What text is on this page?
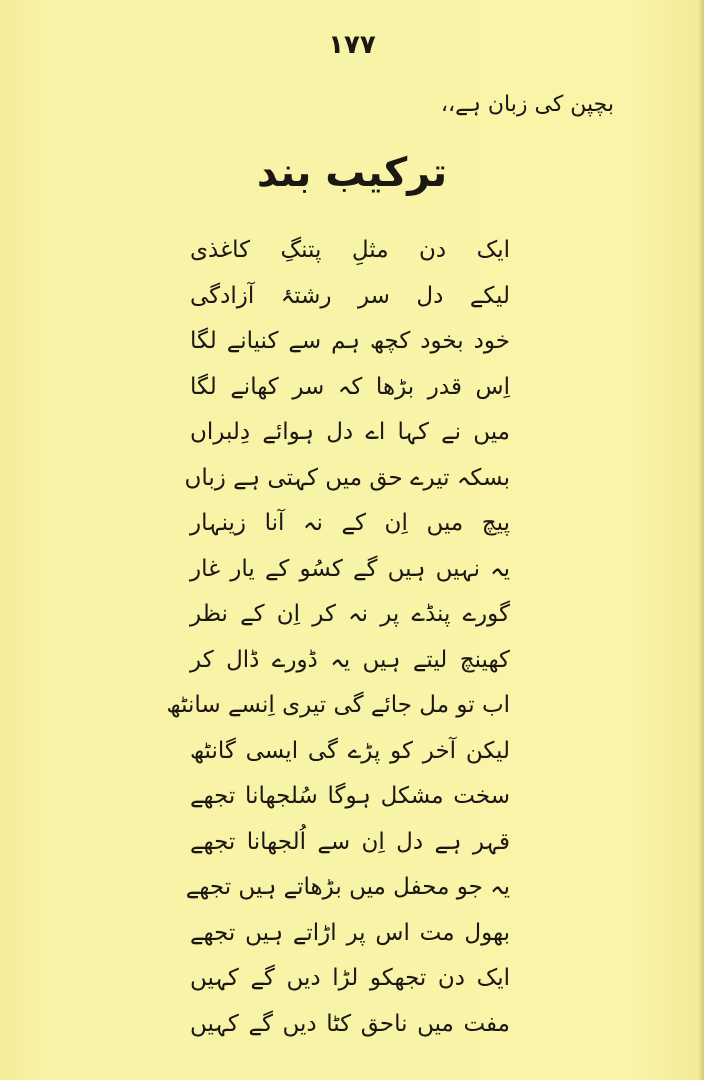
۱۷۷
بچپن کی زبان ہے،،
ترکیب بند
ایک دن مثلِ پتنگِ کاغذی
لیکے دل سر رشتۂ آزادگی
خود بخود کچھ ہم سے کنیانے لگا
اِس قدر بڑھا کہ سر کھانے لگا
میں نے کہا اے دل ہوائے دِلبراں
بسکہ تیرے حق میں کہتی ہے زباں
پیچ میں اِن کے نہ آنا زینہار
یہ نہیں ہیں گے کسُو کے یار غار
گورے پنڈے پر نہ کر اِن کے نظر
کھینچ لیتے ہیں یہ ڈورے ڈال کر
اب تو مل جائے گی تیری اِنسے سانٹھ
لیکن آخر کو پڑے گی ایسی گانٹھ
سخت مشکل ہوگا سُلجھانا تجھے
قہر ہے دل اِن سے اُلجھانا تجھے
یہ جو محفل میں بڑھاتے ہیں تجھے
بھول مت اس پر اڑاتے ہیں تجھے
ایک دن تجھکو لڑا دیں گے کہیں
مفت میں ناحق کٹا دیں گے کہیں
